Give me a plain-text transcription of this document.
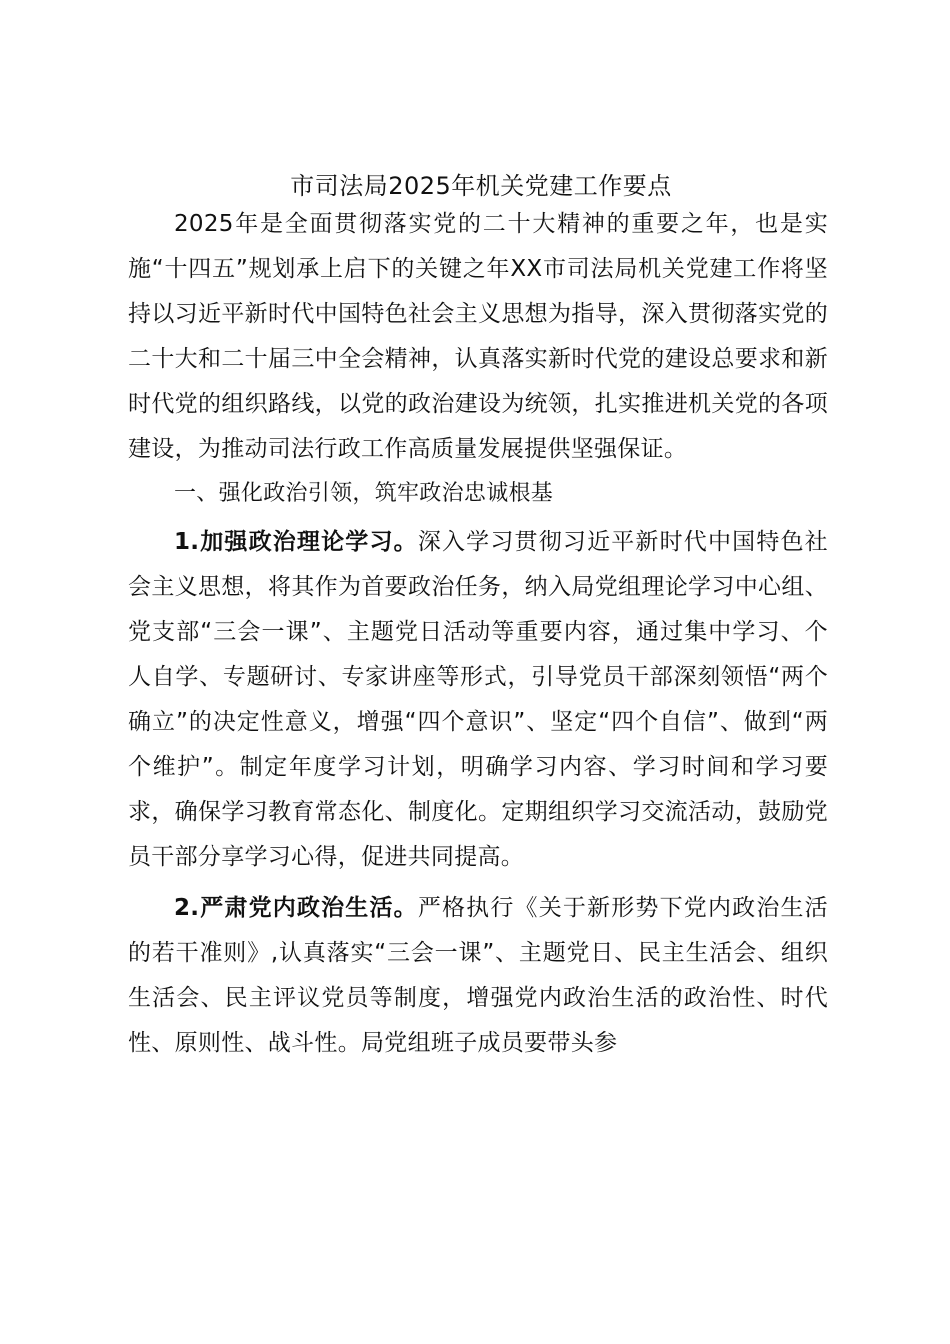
市司法局2025年机关党建工作要点

2025年是全面贯彻落实党的二十大精神的重要之年，也是实施“十四五”规划承上启下的关键之年XX市司法局机关党建工作将坚持以习近平新时代中国特色社会主义思想为指导，深入贯彻落实党的二十大和二十届三中全会精神，认真落实新时代党的建设总要求和新时代党的组织路线，以党的政治建设为统领，扎实推进机关党的各项建设，为推动司法行政工作高质量发展提供坚强保证。

一、强化政治引领，筑牢政治忠诚根基

1.加强政治理论学习。深入学习贯彻习近平新时代中国特色社会主义思想，将其作为首要政治任务，纳入局党组理论学习中心组、党支部“三会一课”、主题党日活动等重要内容，通过集中学习、个人自学、专题研讨、专家讲座等形式，引导党员干部深刻领悟“两个确立”的决定性意义，增强“四个意识”、坚定“四个自信”、做到“两个维护”。制定年度学习计划，明确学习内容、学习时间和学习要求，确保学习教育常态化、制度化。定期组织学习交流活动，鼓励党员干部分享学习心得，促进共同提高。

2.严肃党内政治生活。严格执行《关于新形势下党内政治生活的若干准则》,认真落实“三会一课”、主题党日、民主生活会、组织生活会、民主评议党员等制度，增强党内政治生活的政治性、时代性、原则性、战斗性。局党组班子成员要带头参
